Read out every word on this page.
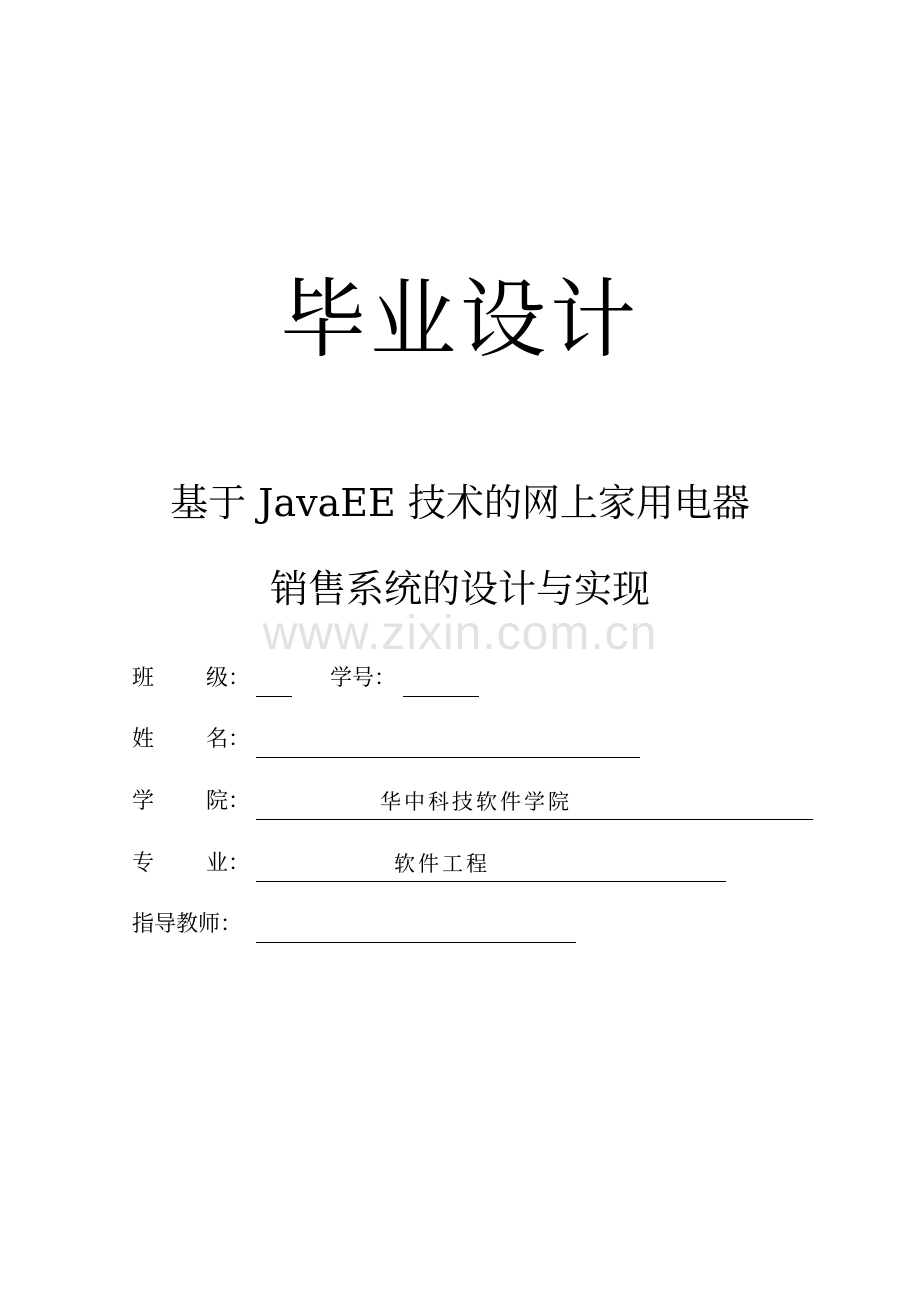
毕业设计
基于 JavaEE 技术的网上家用电器
销售系统的设计与实现
www.zixin.com.cn
班 级：	学号：
姓 名：
学 院：	华中科技软件学院
专 业：	软件工程
指导教师：
